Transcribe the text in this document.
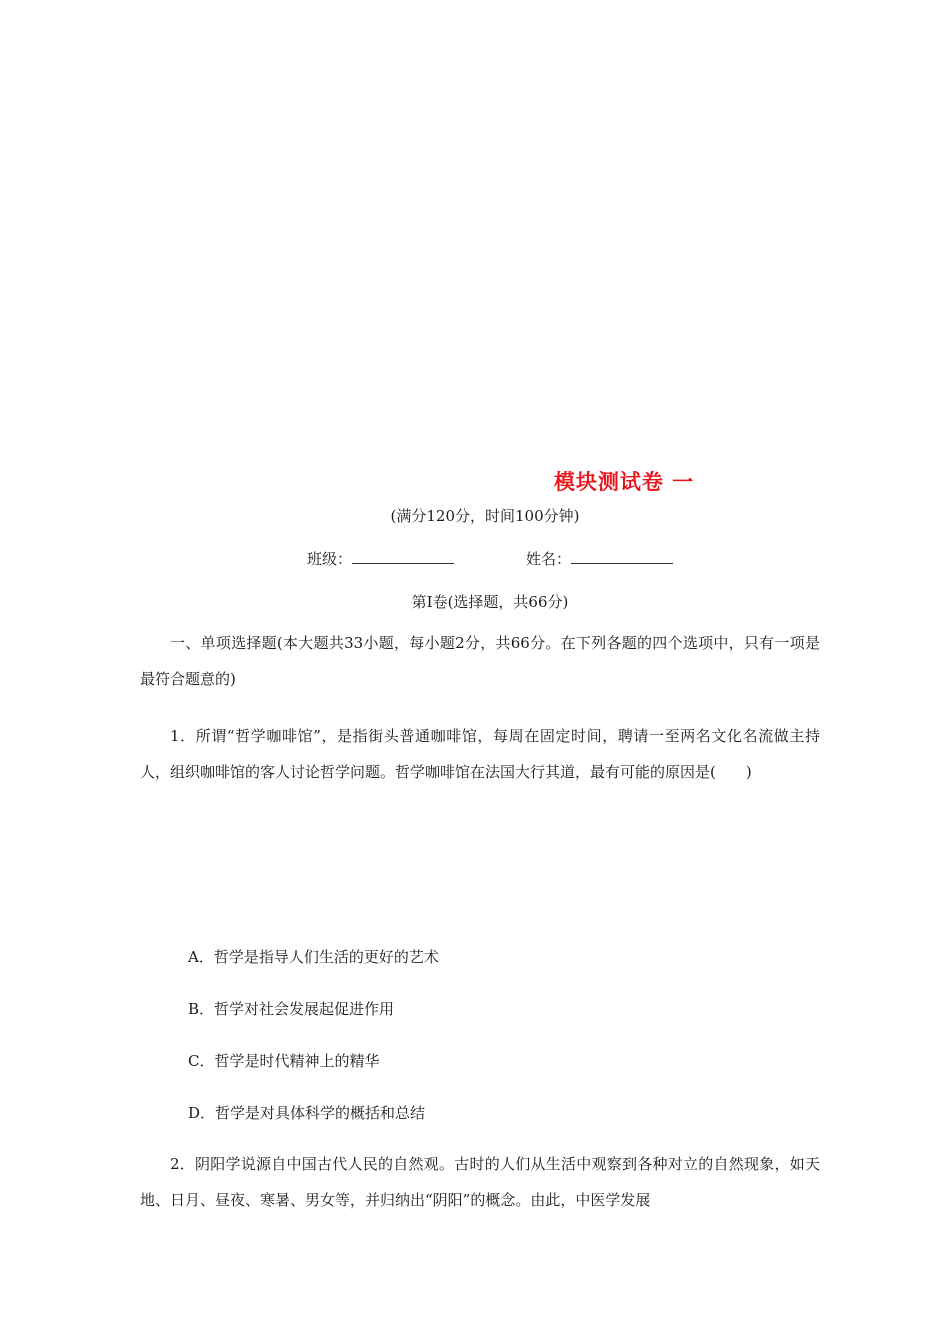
模块测试卷 一
(满分120分，时间100分钟)
班级：	姓名：
第Ⅰ卷(选择题，共66分)
一、单项选择题(本大题共33小题，每小题2分，共66分。在下列各题的四个选项中，只有一项是最符合题意的)
1．所谓“哲学咖啡馆”，是指街头普通咖啡馆，每周在固定时间，聘请一至两名文化名流做主持人，组织咖啡馆的客人讨论哲学问题。哲学咖啡馆在法国大行其道，最有可能的原因是(　　)
A．哲学是指导人们生活的更好的艺术
B．哲学对社会发展起促进作用
C．哲学是时代精神上的精华
D．哲学是对具体科学的概括和总结
2．阴阳学说源自中国古代人民的自然观。古时的人们从生活中观察到各种对立的自然现象，如天地、日月、昼夜、寒暑、男女等，并归纳出“阴阳”的概念。由此，中医学发展
